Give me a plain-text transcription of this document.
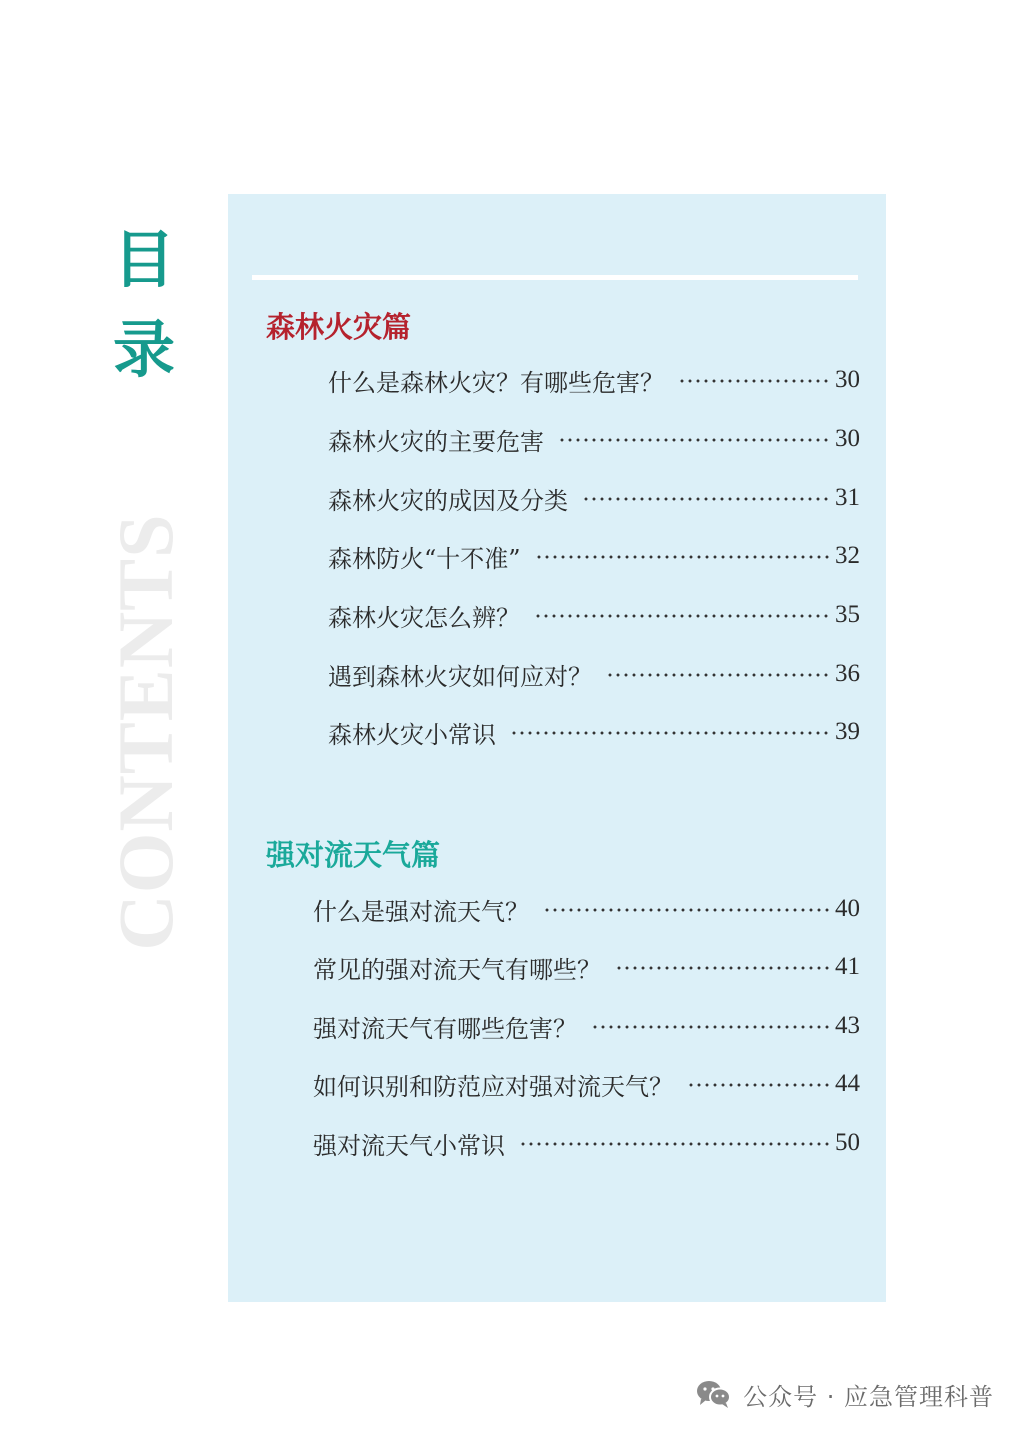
目
录
CONTENTS
森林火灾篇
什么是森林火灾？有哪些危害？	30
森林火灾的主要危害	30
森林火灾的成因及分类	31
森林防火“十不准”	32
森林火灾怎么辨？	35
遇到森林火灾如何应对？	36
森林火灾小常识	39
强对流天气篇
什么是强对流天气？	40
常见的强对流天气有哪些？	41
强对流天气有哪些危害？	43
如何识别和防范应对强对流天气？	44
强对流天气小常识	50
公众号 · 应急管理科普
